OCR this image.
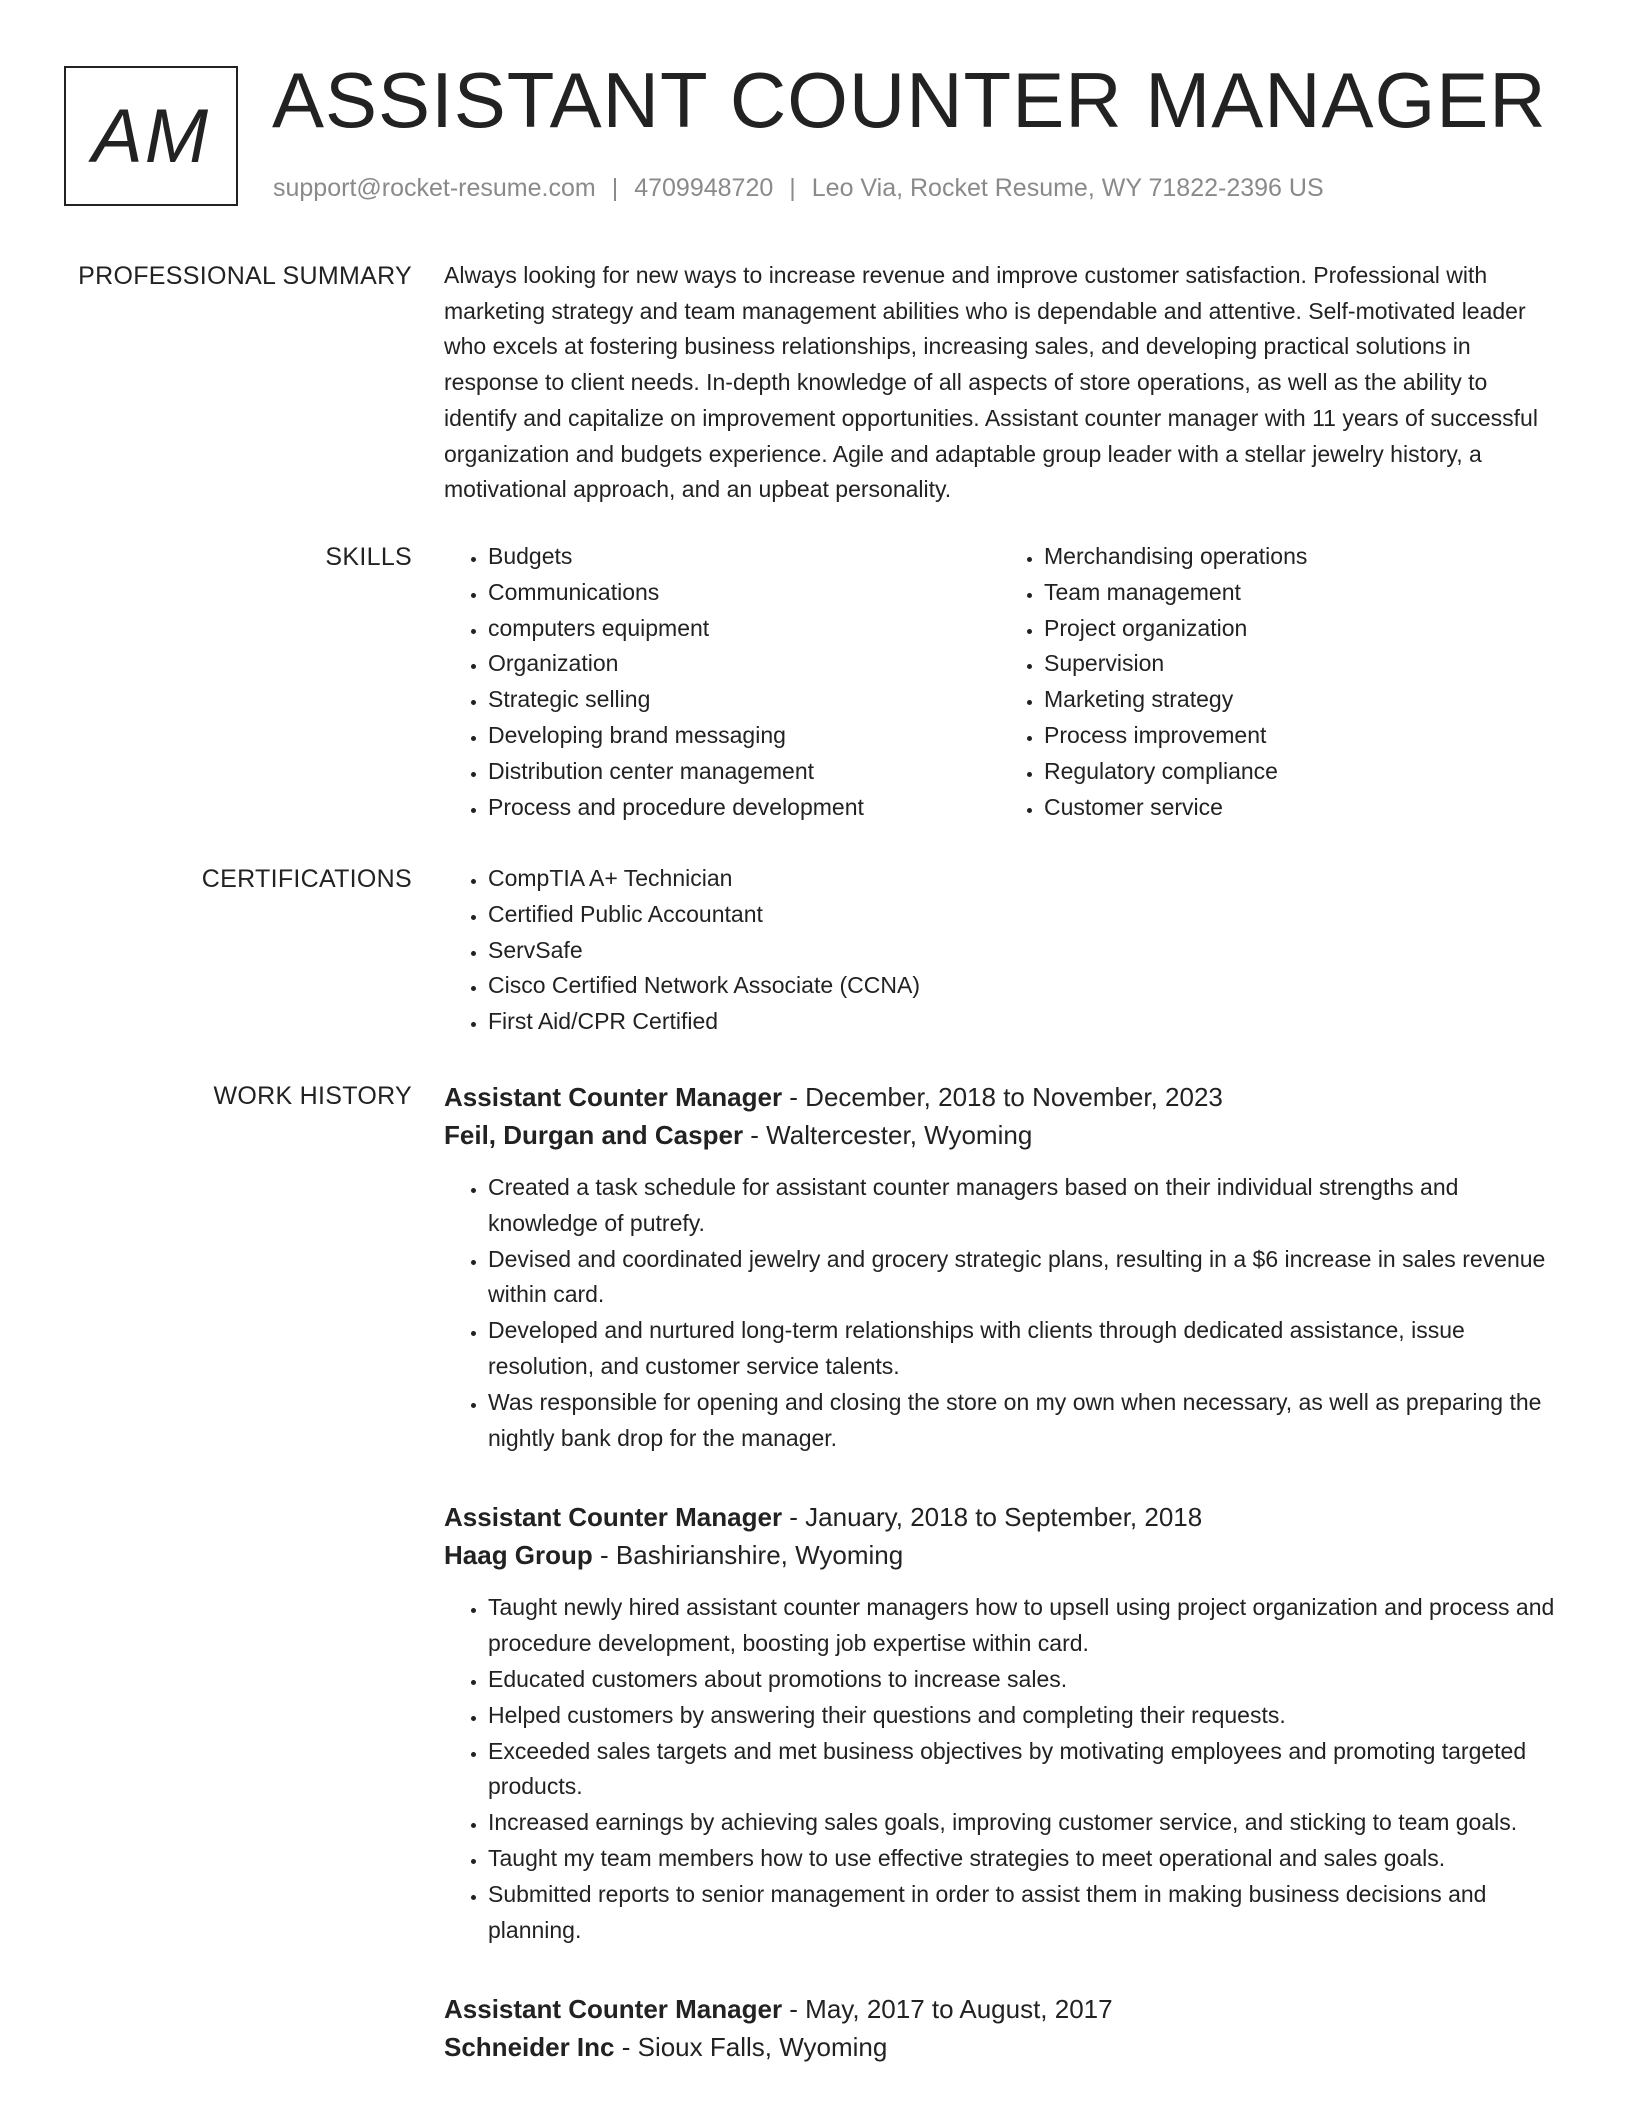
AM ASSISTANT COUNTER MANAGER
support@rocket-resume.com | 4709948720 | Leo Via, Rocket Resume, WY 71822-2396 US
PROFESSIONAL SUMMARY Always looking for new ways to increase revenue and improve customer satisfaction. Professional with marketing strategy and team management abilities who is dependable and attentive. Self-motivated leader who excels at fostering business relationships, increasing sales, and developing practical solutions in response to client needs. In-depth knowledge of all aspects of store operations, as well as the ability to identify and capitalize on improvement opportunities. Assistant counter manager with 11 years of successful organization and budgets experience. Agile and adaptable group leader with a stellar jewelry history, a motivational approach, and an upbeat personality.

SKILLS	• Budgets
• Communications
• computers equipment
• Organization
• Strategic selling
• Developing brand messaging
• Distribution center management
• Process and procedure development
• Merchandising operations
• Team management
• Project organization
• Supervision
• Marketing strategy
• Process improvement
• Regulatory compliance
• Customer service
CERTIFICATIONS	• CompTIA A+ Technician
• Certified Public Accountant
• ServSafe
• Cisco Certified Network Associate (CCNA)
• First Aid/CPR Certified
WORK HISTORY Assistant Counter Manager - December, 2018 to November, 2023
Feil, Durgan and Casper - Waltercester, Wyoming
• Created a task schedule for assistant counter managers based on their individual strengths and knowledge of putrefy.
• Devised and coordinated jewelry and grocery strategic plans, resulting in a $6 increase in sales revenue within card.
• Developed and nurtured long-term relationships with clients through dedicated assistance, issue resolution, and customer service talents.
• Was responsible for opening and closing the store on my own when necessary, as well as preparing the nightly bank drop for the manager.
Assistant Counter Manager - January, 2018 to September, 2018
Haag Group - Bashirianshire, Wyoming
• Taught newly hired assistant counter managers how to upsell using project organization and process and procedure development, boosting job expertise within card.
• Educated customers about promotions to increase sales.
• Helped customers by answering their questions and completing their requests.
• Exceeded sales targets and met business objectives by motivating employees and promoting targeted products.
• Increased earnings by achieving sales goals, improving customer service, and sticking to team goals.
• Taught my team members how to use effective strategies to meet operational and sales goals.
• Submitted reports to senior management in order to assist them in making business decisions and planning.
Assistant Counter Manager - May, 2017 to August, 2017
Schneider Inc - Sioux Falls, Wyoming
